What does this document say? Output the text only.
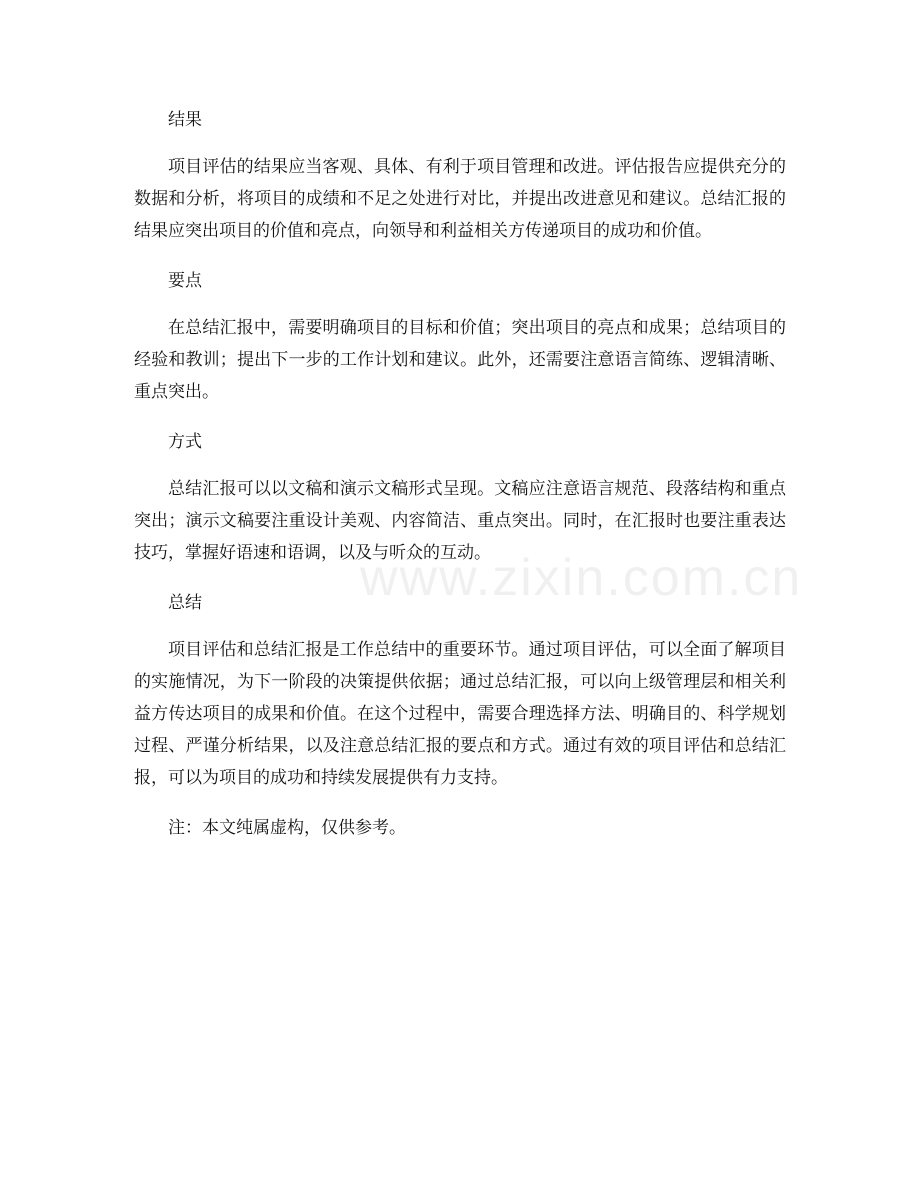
结果

项目评估的结果应当客观、具体、有利于项目管理和改进。评估报告应提供充分的数据和分析，将项目的成绩和不足之处进行对比，并提出改进意见和建议。总结汇报的结果应突出项目的价值和亮点，向领导和利益相关方传递项目的成功和价值。

要点

在总结汇报中，需要明确项目的目标和价值；突出项目的亮点和成果；总结项目的经验和教训；提出下一步的工作计划和建议。此外，还需要注意语言简练、逻辑清晰、重点突出。

方式

总结汇报可以以文稿和演示文稿形式呈现。文稿应注意语言规范、段落结构和重点突出；演示文稿要注重设计美观、内容简洁、重点突出。同时，在汇报时也要注重表达技巧，掌握好语速和语调，以及与听众的互动。

总结

项目评估和总结汇报是工作总结中的重要环节。通过项目评估，可以全面了解项目的实施情况，为下一阶段的决策提供依据；通过总结汇报，可以向上级管理层和相关利益方传达项目的成果和价值。在这个过程中，需要合理选择方法、明确目的、科学规划过程、严谨分析结果，以及注意总结汇报的要点和方式。通过有效的项目评估和总结汇报，可以为项目的成功和持续发展提供有力支持。

注：本文纯属虚构，仅供参考。

www.zixin.com.cn
